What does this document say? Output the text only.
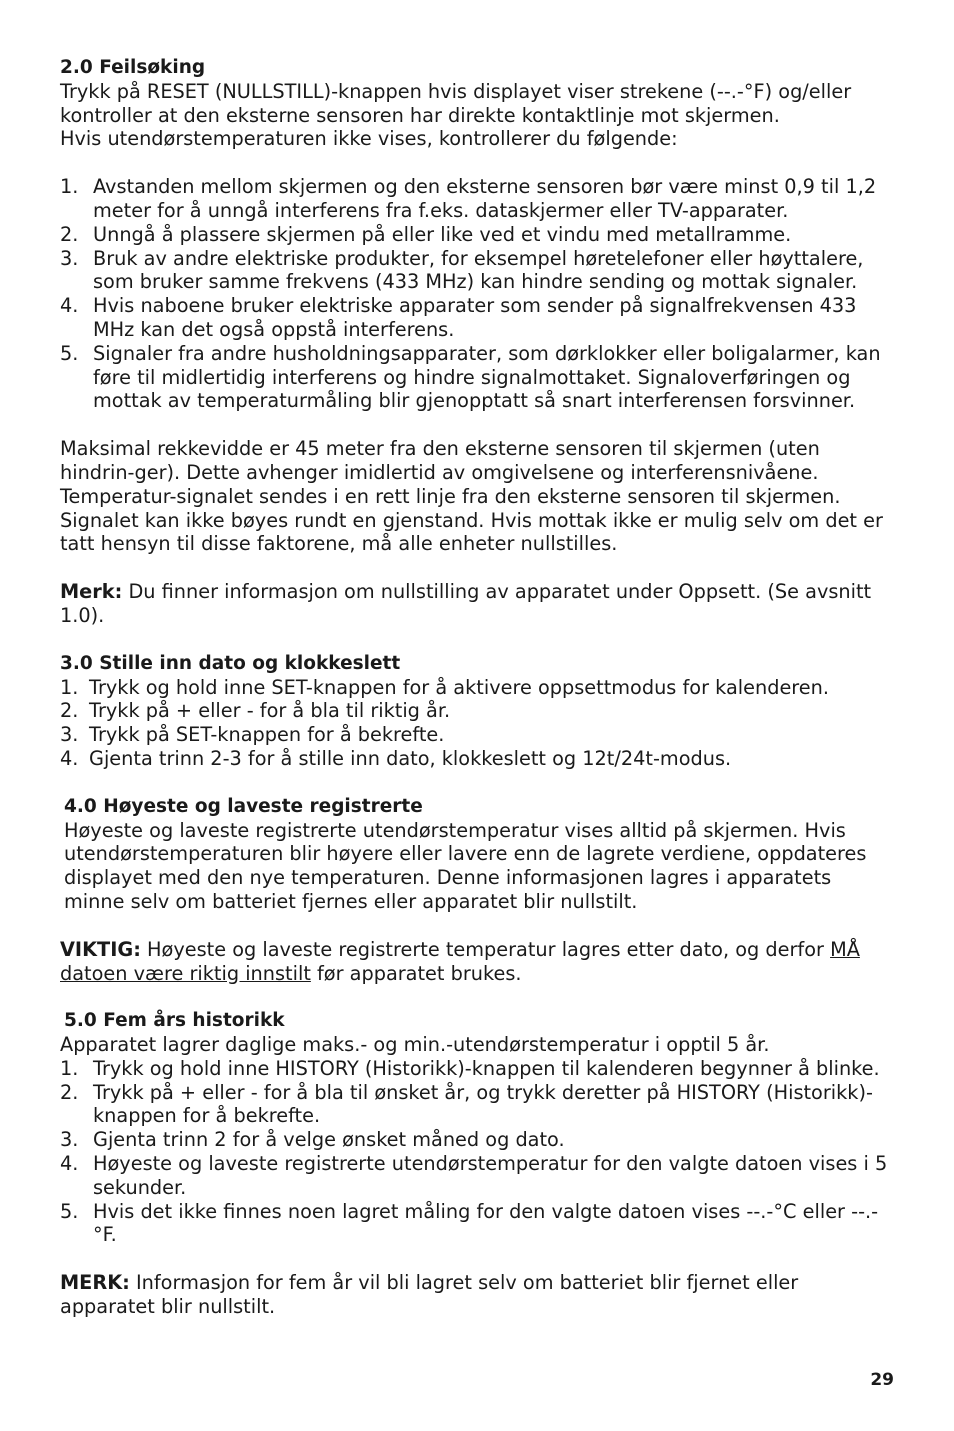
2.0 Feilsøking

Trykk på RESET (NULLSTILL)-knappen hvis displayet viser strekene (--.-°F) og/eller kontroller at den eksterne sensoren har direkte kontaktlinje mot skjermen.

Hvis utendørstemperaturen ikke vises, kontrollerer du følgende:

1. Avstanden mellom skjermen og den eksterne sensoren bør være minst 0,9 til 1,2 meter for å unngå interferens fra f.eks. dataskjermer eller TV-apparater.
2. Unngå å plassere skjermen på eller like ved et vindu med metallramme.
3. Bruk av andre elektriske produkter, for eksempel høretelefoner eller høyttalere, som bruker samme frekvens (433 MHz) kan hindre sending og mottak signaler.
4. Hvis naboene bruker elektriske apparater som sender på signalfrekvensen 433 MHz kan det også oppstå interferens.
5. Signaler fra andre husholdningsapparater, som dørklokker eller boligalarmer, kan føre til midlertidig interferens og hindre signalmottaket. Signaloverføringen og mottak av temperaturmåling blir gjenopptatt så snart interferensen forsvinner.

Maksimal rekkevidde er 45 meter fra den eksterne sensoren til skjermen (uten hindrin-ger). Dette avhenger imidlertid av omgivelsene og interferensnivåene. Temperatur-signalet sendes i en rett linje fra den eksterne sensoren til skjermen. Signalet kan ikke bøyes rundt en gjenstand. Hvis mottak ikke er mulig selv om det er tatt hensyn til disse faktorene, må alle enheter nullstilles.

Merk: Du finner informasjon om nullstilling av apparatet under Oppsett. (Se avsnitt 1.0).

3.0 Stille inn dato og klokkeslett

1. Trykk og hold inne SET-knappen for å aktivere oppsettmodus for kalenderen.
2. Trykk på + eller - for å bla til riktig år.
3. Trykk på SET-knappen for å bekrefte.
4. Gjenta trinn 2-3 for å stille inn dato, klokkeslett og 12t/24t-modus.

4.0 Høyeste og laveste registrerte

Høyeste og laveste registrerte utendørstemperatur vises alltid på skjermen. Hvis utendørstemperaturen blir høyere eller lavere enn de lagrete verdiene, oppdateres displayet med den nye temperaturen. Denne informasjonen lagres i apparatets minne selv om batteriet fjernes eller apparatet blir nullstilt.

VIKTIG: Høyeste og laveste registrerte temperatur lagres etter dato, og derfor MÅ datoen være riktig innstilt før apparatet brukes.

5.0 Fem års historikk

Apparatet lagrer daglige maks.- og min.-utendørstemperatur i opptil 5 år.

1. Trykk og hold inne HISTORY (Historikk)-knappen til kalenderen begynner å blinke.
2. Trykk på + eller - for å bla til ønsket år, og trykk deretter på HISTORY (Historikk)-knappen for å bekrefte.
3. Gjenta trinn 2 for å velge ønsket måned og dato.
4. Høyeste og laveste registrerte utendørstemperatur for den valgte datoen vises i 5 sekunder.
5. Hvis det ikke finnes noen lagret måling for den valgte datoen vises --.-°C eller --.-°F.

MERK: Informasjon for fem år vil bli lagret selv om batteriet blir fjernet eller apparatet blir nullstilt.

29
